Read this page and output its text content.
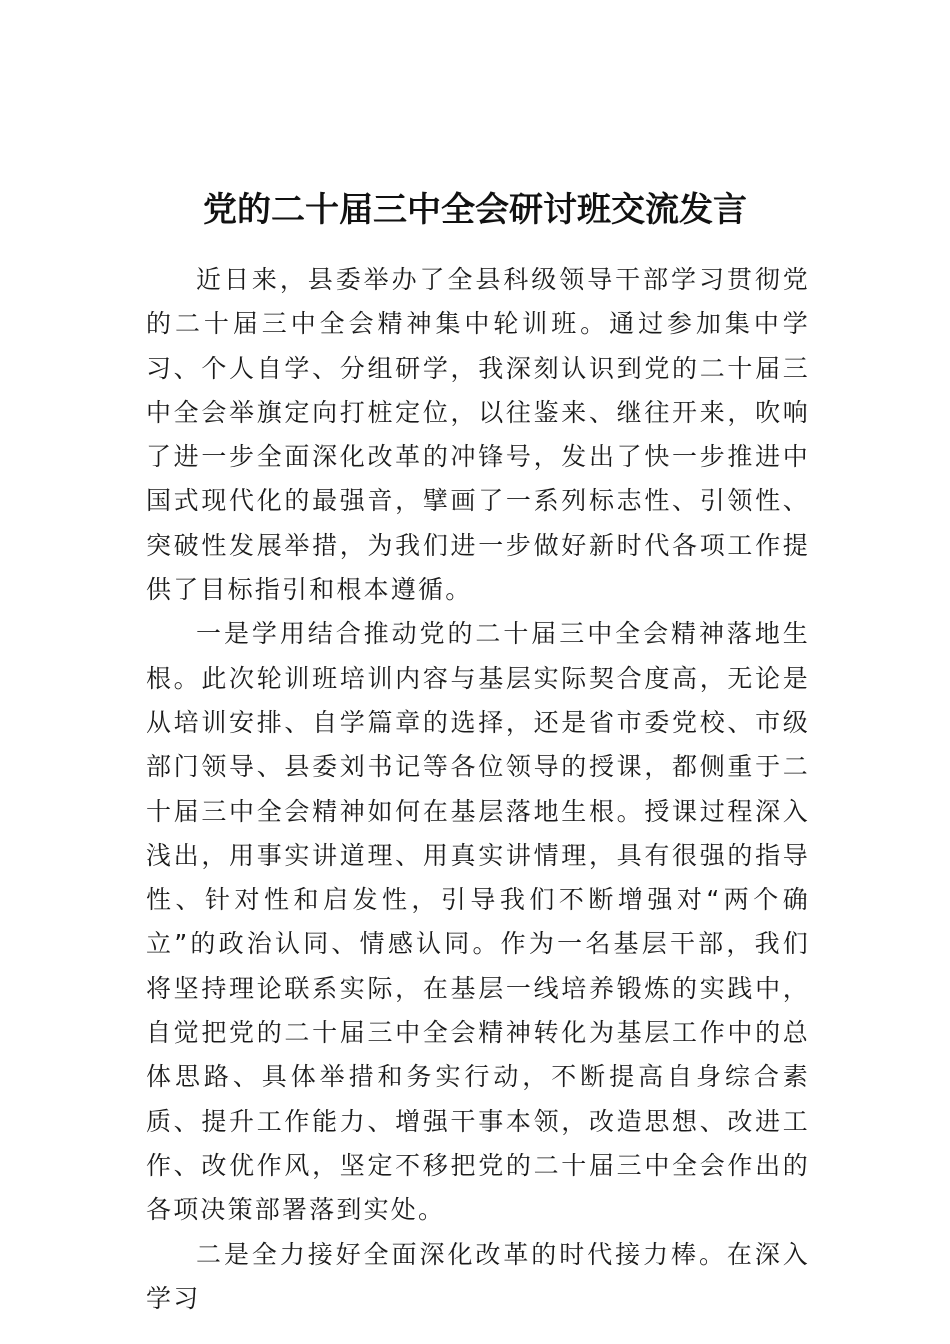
党的二十届三中全会研讨班交流发言

近日来，县委举办了全县科级领导干部学习贯彻党的二十届三中全会精神集中轮训班。通过参加集中学习、个人自学、分组研学，我深刻认识到党的二十届三中全会举旗定向打桩定位，以往鉴来、继往开来，吹响了进一步全面深化改革的冲锋号，发出了快一步推进中国式现代化的最强音，擘画了一系列标志性、引领性、突破性发展举措，为我们进一步做好新时代各项工作提供了目标指引和根本遵循。

一是学用结合推动党的二十届三中全会精神落地生根。此次轮训班培训内容与基层实际契合度高，无论是从培训安排、自学篇章的选择，还是省市委党校、市级部门领导、县委刘书记等各位领导的授课，都侧重于二十届三中全会精神如何在基层落地生根。授课过程深入浅出，用事实讲道理、用真实讲情理，具有很强的指导性、针对性和启发性，引导我们不断增强对“两个确立”的政治认同、情感认同。作为一名基层干部，我们将坚持理论联系实际，在基层一线培养锻炼的实践中，自觉把党的二十届三中全会精神转化为基层工作中的总体思路、具体举措和务实行动，不断提高自身综合素质、提升工作能力、增强干事本领，改造思想、改进工作、改优作风，坚定不移把党的二十届三中全会作出的各项决策部署落到实处。

二是全力接好全面深化改革的时代接力棒。在深入学习
